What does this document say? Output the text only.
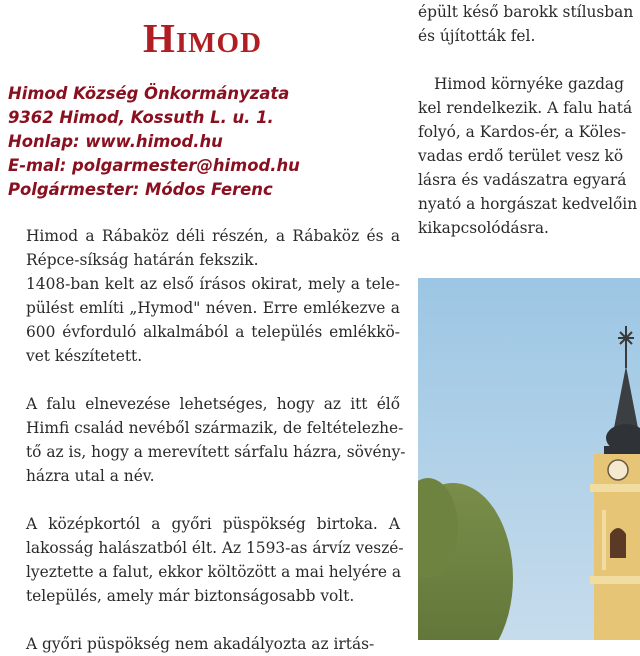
Himod
Himod Község Önkormányzata
9362 Himod, Kossuth L. u. 1.
Honlap: www.himod.hu
E-mal: polgarmester@himod.hu
Polgármester: Módos Ferenc

Himod a Rábaköz déli részén, a Rábaköz és a
Répce-síkság határán fekszik.

1408-ban kelt az első írásos okirat, mely a tele-
pülést említi „Hymod" néven. Erre emlékezve a
600 évforduló alkalmából a település emlékkö-
vet készítetett.

A falu elnevezése lehetséges, hogy az itt élő
Himfi család nevéből származik, de feltételezhe-
tő az is, hogy a merevített sárfalu házra, sövény-
házra utal a név.

A középkortól a győri püspökség birtoka. A
lakosság halászatból élt. Az 1593-as árvíz veszé-
lyeztette a falut, ekkor költözött a mai helyére a
település, amely már biztonságosabb volt.

A győri püspökség nem akadályozta az irtás-

épült késő barokk stílusban
és újították fel.

Himod környéke gazdag
kel rendelkezik. A falu hatá
folyó, a Kardos-ér, a Köles-
vadas erdő terület vesz kö
lásra és vadászatra egyará
nyató a horgászat kedvelőin
kikapcsolódásra.
